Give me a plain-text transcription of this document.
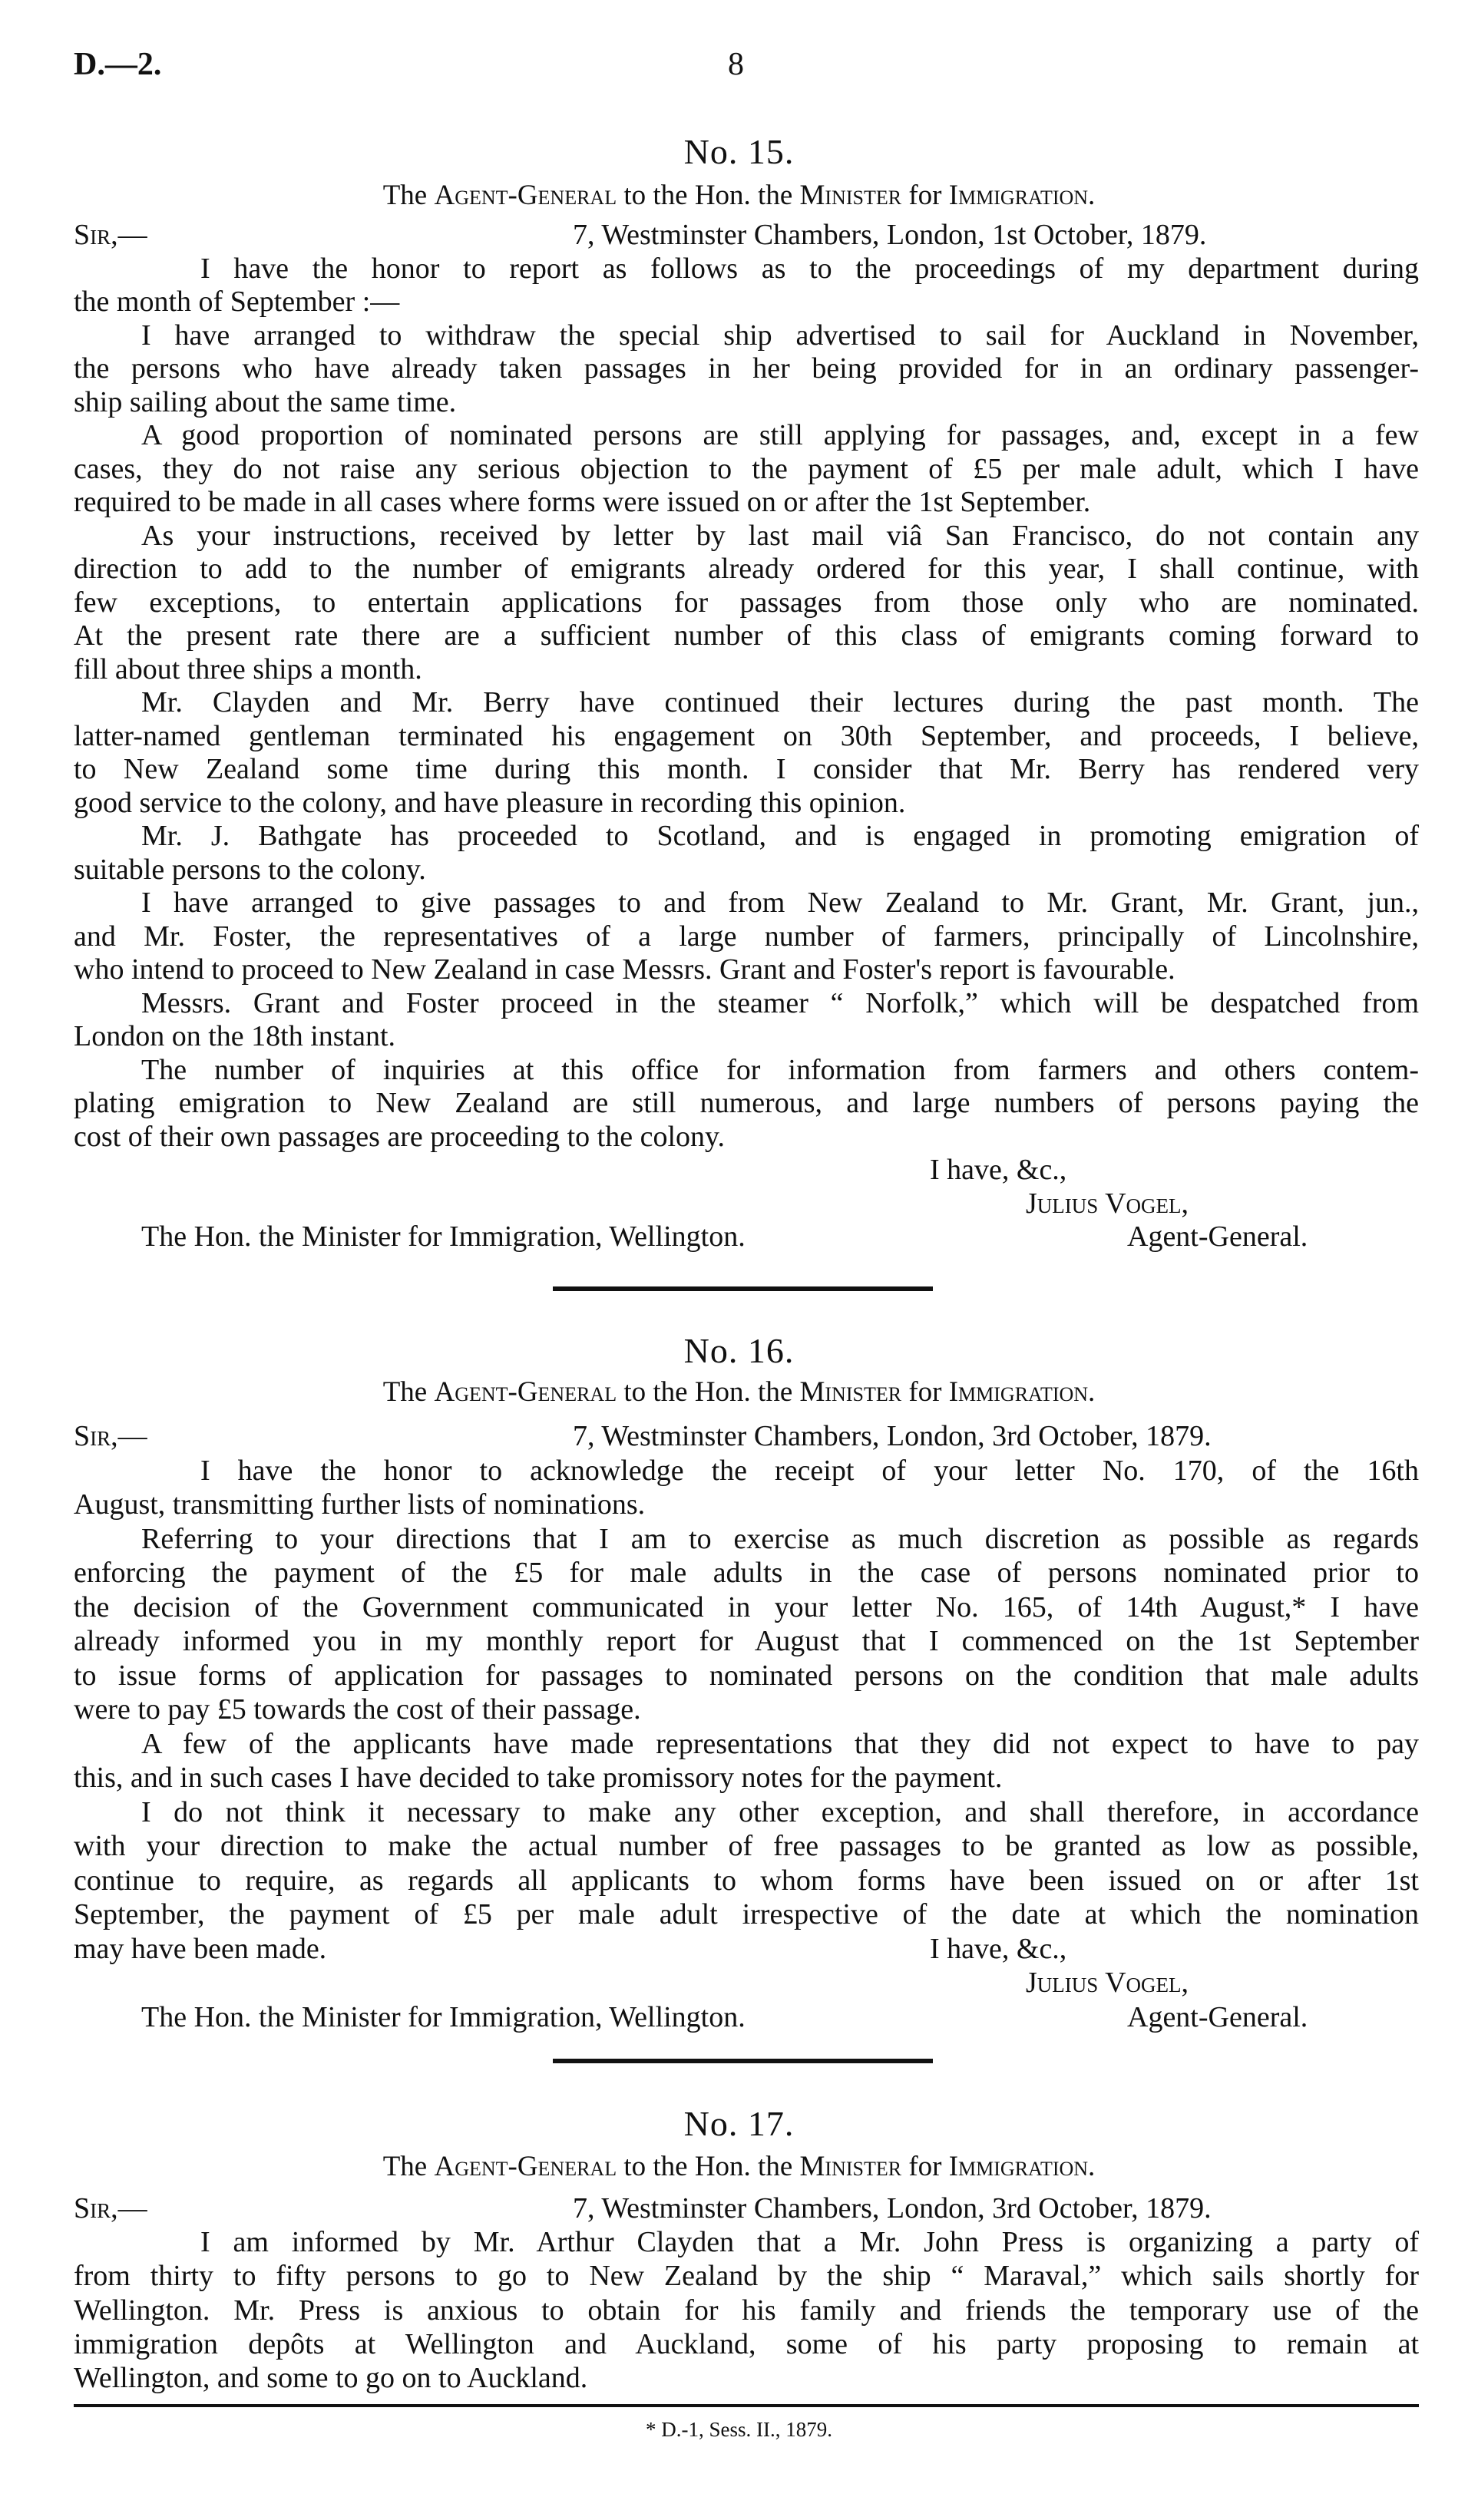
D.—2.	8
No. 15.
The Agent-General to the Hon. the Minister for Immigration.
Sir,—	7, Westminster Chambers, London, 1st October, 1879.
I have the honor to report as follows as to the proceedings of my department during
the month of September :—
I have arranged to withdraw the special ship advertised to sail for Auckland in November,
the persons who have already taken passages in her being provided for in an ordinary passenger-
ship sailing about the same time.
A good proportion of nominated persons are still applying for passages, and, except in a few
cases, they do not raise any serious objection to the payment of £5 per male adult, which I have
required to be made in all cases where forms were issued on or after the 1st September.
As your instructions, received by letter by last mail viâ San Francisco, do not contain any
direction to add to the number of emigrants already ordered for this year, I shall continue, with
few exceptions, to entertain applications for passages from those only who are nominated.
At the present rate there are a sufficient number of this class of emigrants coming forward to
fill about three ships a month.
Mr. Clayden and Mr. Berry have continued their lectures during the past month. The
latter-named gentleman terminated his engagement on 30th September, and proceeds, I believe,
to New Zealand some time during this month. I consider that Mr. Berry has rendered very
good service to the colony, and have pleasure in recording this opinion.
Mr. J. Bathgate has proceeded to Scotland, and is engaged in promoting emigration of
suitable persons to the colony.
I have arranged to give passages to and from New Zealand to Mr. Grant, Mr. Grant, jun.,
and Mr. Foster, the representatives of a large number of farmers, principally of Lincolnshire,
who intend to proceed to New Zealand in case Messrs. Grant and Foster's report is favourable.
Messrs. Grant and Foster proceed in the steamer “ Norfolk,” which will be despatched from
London on the 18th instant.
The number of inquiries at this office for information from farmers and others contem-
plating emigration to New Zealand are still numerous, and large numbers of persons paying the
cost of their own passages are proceeding to the colony.

I have, &c.,

Julius Vogel,
The Hon. the Minister for Immigration, Wellington.	Agent-General.
No. 16.
The Agent-General to the Hon. the Minister for Immigration.
Sir,—	7, Westminster Chambers, London, 3rd October, 1879.
I have the honor to acknowledge the receipt of your letter No. 170, of the 16th
August, transmitting further lists of nominations.
Referring to your directions that I am to exercise as much discretion as possible as regards
enforcing the payment of the £5 for male adults in the case of persons nominated prior to
the decision of the Government communicated in your letter No. 165, of 14th August,* I have
already informed you in my monthly report for August that I commenced on the 1st September
to issue forms of application for passages to nominated persons on the condition that male adults
were to pay £5 towards the cost of their passage.
A few of the applicants have made representations that they did not expect to have to pay
this, and in such cases I have decided to take promissory notes for the payment.
I do not think it necessary to make any other exception, and shall therefore, in accordance
with your direction to make the actual number of free passages to be granted as low as possible,
continue to require, as regards all applicants to whom forms have been issued on or after 1st
September, the payment of £5 per male adult irrespective of the date at which the nomination
may have been made.	I have, &c.,

Julius Vogel,
The Hon. the Minister for Immigration, Wellington.	Agent-General.
No. 17.
The Agent-General to the Hon. the Minister for Immigration.
Sir,—	7, Westminster Chambers, London, 3rd October, 1879.
I am informed by Mr. Arthur Clayden that a Mr. John Press is organizing a party of
from thirty to fifty persons to go to New Zealand by the ship “ Maraval,” which sails shortly for
Wellington. Mr. Press is anxious to obtain for his family and friends the temporary use of the
immigration depôts at Wellington and Auckland, some of his party proposing to remain at
Wellington, and some to go on to Auckland.
* D.-1, Sess. II., 1879.
